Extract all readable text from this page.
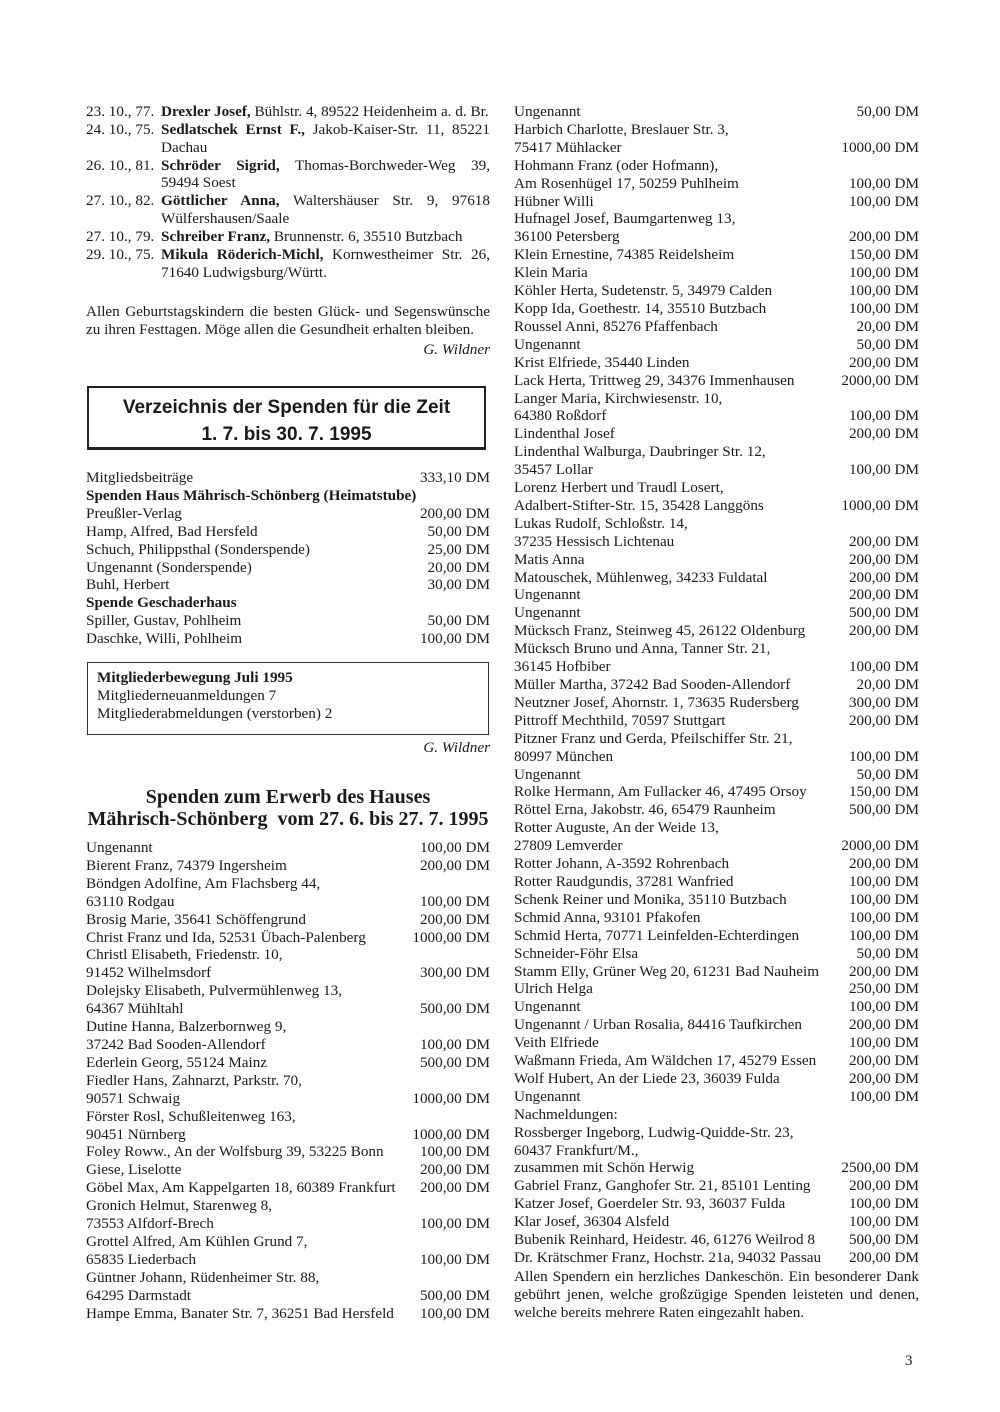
23. 10., 77. Drexler Josef, Bühlstr. 4, 89522 Heidenheim a. d. Br.
24. 10., 75. Sedlatschek Ernst F., Jakob-Kaiser-Str. 11, 85221 Dachau
26. 10., 81. Schröder Sigrid, Thomas-Borchweder-Weg 39, 59494 Soest
27. 10., 82. Göttlicher Anna, Waltershäuser Str. 9, 97618 Wülfershausen/Saale
27. 10., 79. Schreiber Franz, Brunnenstr. 6, 35510 Butzbach
29. 10., 75. Mikula Röderich-Michl, Kornwestheimer Str. 26, 71640 Ludwigsburg/Württ.
Allen Geburtstagskindern die besten Glück- und Segenswünsche zu ihren Festtagen. Möge allen die Gesundheit erhalten bleiben.
G. Wildner
Verzeichnis der Spenden für die Zeit
1. 7. bis 30. 7. 1995
Mitgliedsbeiträge	333,10 DM
Spenden Haus Mährisch-Schönberg (Heimatstube)
Preußler-Verlag	200,00 DM
Hamp, Alfred, Bad Hersfeld	50,00 DM
Schuch, Philippsthal (Sonderspende)	25,00 DM
Ungenannt (Sonderspende)	20,00 DM
Buhl, Herbert	30,00 DM
Spende Geschaderhaus
Spiller, Gustav, Pohlheim	50,00 DM
Daschke, Willi, Pohlheim	100,00 DM
Mitgliederbewegung Juli 1995
Mitgliederneuanmeldungen 7
Mitgliederabmeldungen (verstorben) 2
G. Wildner
Spenden zum Erwerb des Hauses
Mährisch-Schönberg  vom 27. 6. bis 27. 7. 1995
Ungenannt	100,00 DM
Bierent Franz, 74379 Ingersheim	200,00 DM
Böndgen Adolfine, Am Flachsberg 44,
63110 Rodgau	100,00 DM
Brosig Marie, 35641 Schöffengrund	200,00 DM
Christ Franz und Ida, 52531 Übach-Palenberg	1000,00 DM
Christl Elisabeth, Friedenstr. 10,
91452 Wilhelmsdorf	300,00 DM
Dolejsky Elisabeth, Pulvermühlenweg 13,
64367 Mühltahl	500,00 DM
Dutine Hanna, Balzerbornweg 9,
37242 Bad Sooden-Allendorf	100,00 DM
Ederlein Georg, 55124 Mainz	500,00 DM
Fiedler Hans, Zahnarzt, Parkstr. 70,
90571 Schwaig	1000,00 DM
Förster Rosl, Schußleitenweg 163,
90451 Nürnberg	1000,00 DM
Foley Roww., An der Wolfsburg 39, 53225 Bonn 100,00 DM
Giese, Liselotte	200,00 DM
Göbel Max, Am Kappelgarten 18, 60389 Frankfurt 200,00 DM
Gronich Helmut, Starenweg 8,
73553 Alfdorf-Brech	100,00 DM
Grottel Alfred, Am Kühlen Grund 7,
65835 Liederbach	100,00 DM
Güntner Johann, Rüdenheimer Str. 88,
64295 Darmstadt	500,00 DM
Hampe Emma, Banater Str. 7, 36251 Bad Hersfeld 100,00 DM
Ungenannt	50,00 DM
Harbich Charlotte, Breslauer Str. 3,
75417 Mühlacker	1000,00 DM
Hohmann Franz (oder Hofmann),
Am Rosenhügel 17, 50259 Puhlheim	100,00 DM
Hübner Willi	100,00 DM
Hufnagel Josef, Baumgartenweg 13,
36100 Petersberg	200,00 DM
Klein Ernestine, 74385 Reidelsheim	150,00 DM
Klein Maria	100,00 DM
Köhler Herta, Sudetenstr. 5, 34979 Calden	100,00 DM
Kopp Ida, Goethestr. 14, 35510 Butzbach	100,00 DM
Roussel Anni, 85276 Pfaffenbach	20,00 DM
Ungenannt	50,00 DM
Krist Elfriede, 35440 Linden	200,00 DM
Lack Herta, Trittweg 29, 34376 Immenhausen	2000,00 DM
Langer Maria, Kirchwiesenstr. 10,
64380 Roßdorf	100,00 DM
Lindenthal Josef	200,00 DM
Lindenthal Walburga, Daubringer Str. 12,
35457 Lollar	100,00 DM
Lorenz Herbert und Traudl Losert,
Adalbert-Stifter-Str. 15, 35428 Langgöns	1000,00 DM
Lukas Rudolf, Schloßstr. 14,
37235 Hessisch Lichtenau	200,00 DM
Matis Anna	200,00 DM
Matouschek, Mühlenweg, 34233 Fuldatal	200,00 DM
Ungenannt	200,00 DM
Ungenannt	500,00 DM
Mücksch Franz, Steinweg 45, 26122 Oldenburg	200,00 DM
Mücksch Bruno und Anna, Tanner Str. 21,
36145 Hofbiber	100,00 DM
Müller Martha, 37242 Bad Sooden-Allendorf	20,00 DM
Neutzner Josef, Ahornstr. 1, 73635 Rudersberg	300,00 DM
Pittroff Mechthild, 70597 Stuttgart	200,00 DM
Pitzner Franz und Gerda, Pfeilschiffer Str. 21,
80997 München	100,00 DM
Ungenannt	50,00 DM
Rolke Hermann, Am Fullacker 46, 47495 Orsoy	150,00 DM
Röttel Erna, Jakobstr. 46, 65479 Raunheim	500,00 DM
Rotter Auguste, An der Weide 13,
27809 Lemverder	2000,00 DM
Rotter Johann, A-3592 Rohrenbach	200,00 DM
Rotter Raudgundis, 37281 Wanfried	100,00 DM
Schenk Reiner und Monika, 35110 Butzbach	100,00 DM
Schmid Anna, 93101 Pfakofen	100,00 DM
Schmid Herta, 70771 Leinfelden-Echterdingen	100,00 DM
Schneider-Föhr Elsa	50,00 DM
Stamm Elly, Grüner Weg 20, 61231 Bad Nauheim 200,00 DM
Ulrich Helga	250,00 DM
Ungenannt	100,00 DM
Ungenannt / Urban Rosalia, 84416 Taufkirchen	200,00 DM
Veith Elfriede	100,00 DM
Waßmann Frieda, Am Wäldchen 17, 45279 Essen 200,00 DM
Wolf Hubert, An der Liede 23, 36039 Fulda	200,00 DM
Ungenannt	100,00 DM
Nachmeldungen:
Rossberger Ingeborg, Ludwig-Quidde-Str. 23,
60437 Frankfurt/M.,
zusammen mit Schön Herwig	2500,00 DM
Gabriel Franz, Ganghofer Str. 21, 85101 Lenting	200,00 DM
Katzer Josef, Goerdeler Str. 93, 36037 Fulda	100,00 DM
Klar Josef, 36304 Alsfeld	100,00 DM
Bubenik Reinhard, Heidestr. 46, 61276 Weilrod 8 500,00 DM
Dr. Krätschmer Franz, Hochstr. 21a, 94032 Passau 200,00 DM
Allen Spendern ein herzliches Dankeschön. Ein besonderer Dank gebührt jenen, welche großzügige Spenden leisteten und denen, welche bereits mehrere Raten eingezahlt haben.
3
